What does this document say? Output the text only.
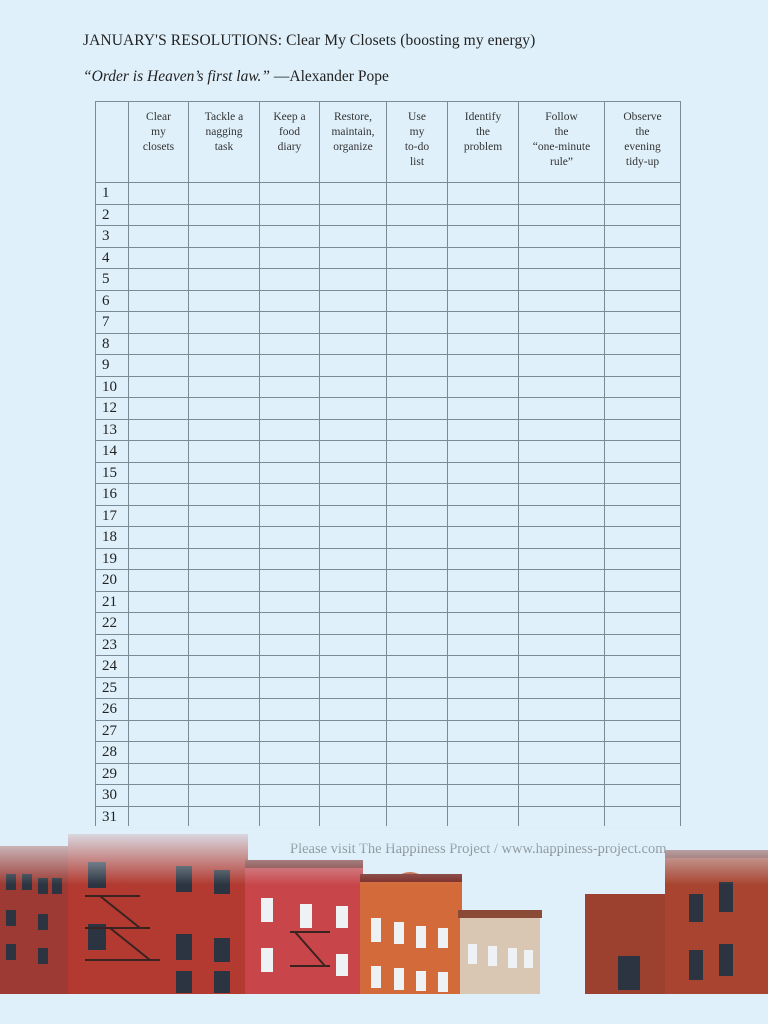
JANUARY'S RESOLUTIONS: Clear My Closets (boosting my energy)
“Order is Heaven’s first law.” —Alexander Pope

	Clear
my
closets	Tackle a
nagging
task	Keep a
food
diary	Restore,
maintain,
organize	Use
my
to-do
list	Identify
the
problem	Follow
the
“one-minute
rule”	Observe
the
evening
tidy-up

1								
2								
3								
4								
5								
6								
7								
8								
9								
10								
12								
13								
14								
15								
16								
17								
18								
19								
20								
21								
22								
23								
24								
25								
26								
27								
28								
29								
30								
31								
